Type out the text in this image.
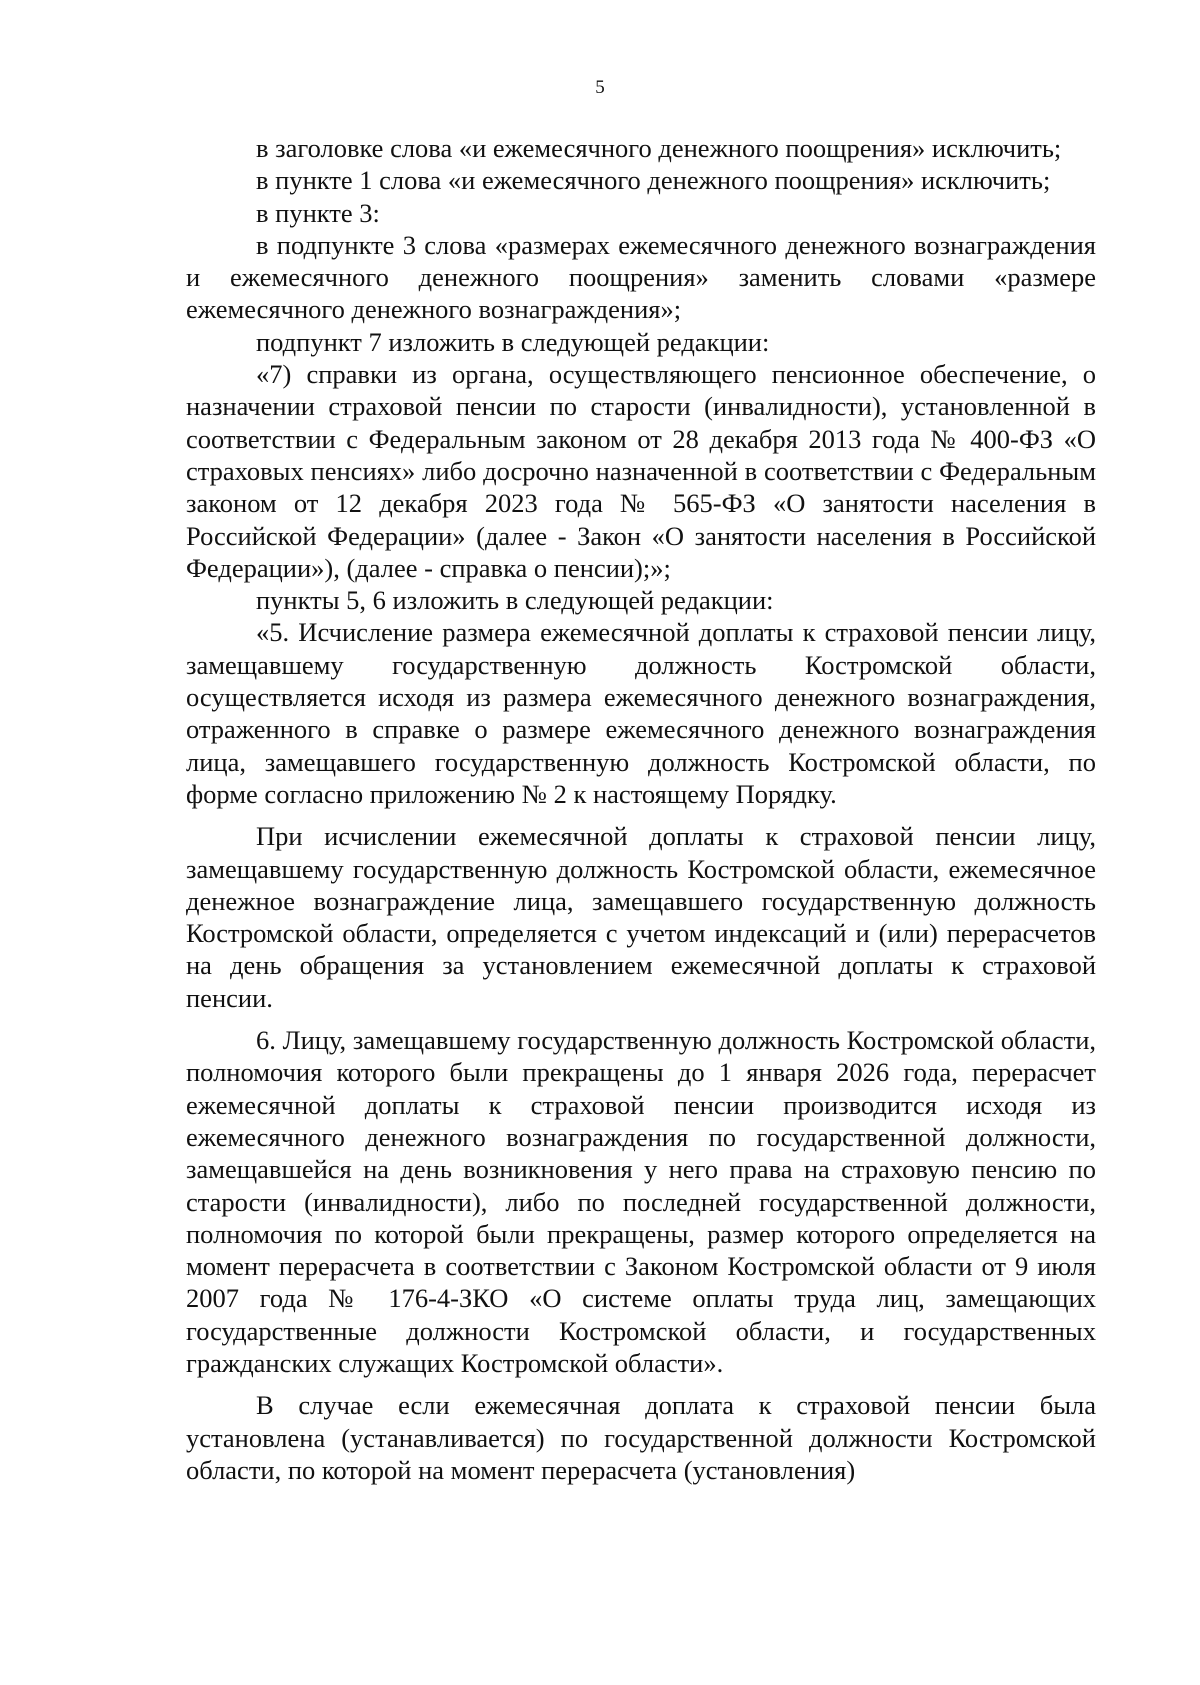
5

в заголовке слова «и ежемесячного денежного поощрения» исключить;

в пункте 1 слова «и ежемесячного денежного поощрения» исключить;

в пункте 3:

в подпункте 3 слова «размерах ежемесячного денежного вознаграждения и ежемесячного денежного поощрения» заменить словами «размере ежемесячного денежного вознаграждения»;

подпункт 7 изложить в следующей редакции:

«7) справки из органа, осуществляющего пенсионное обеспечение, о назначении страховой пенсии по старости (инвалидности), установленной в соответствии с Федеральным законом от 28 декабря 2013 года № 400-ФЗ «О страховых пенсиях» либо досрочно назначенной в соответствии с Федеральным законом от 12 декабря 2023 года № 565-ФЗ «О занятости населения в Российской Федерации» (далее - Закон «О занятости населения в Российской Федерации»), (далее - справка о пенсии);»;

пункты 5, 6 изложить в следующей редакции:

«5. Исчисление размера ежемесячной доплаты к страховой пенсии лицу, замещавшему государственную должность Костромской области, осуществляется исходя из размера ежемесячного денежного вознаграждения, отраженного в справке о размере ежемесячного денежного вознаграждения лица, замещавшего государственную должность Костромской области, по форме согласно приложению № 2 к настоящему Порядку.

При исчислении ежемесячной доплаты к страховой пенсии лицу, замещавшему государственную должность Костромской области, ежемесячное денежное вознаграждение лица, замещавшего государственную должность Костромской области, определяется с учетом индексаций и (или) перерасчетов на день обращения за установлением ежемесячной доплаты к страховой пенсии.

6. Лицу, замещавшему государственную должность Костромской области, полномочия которого были прекращены до 1 января 2026 года, перерасчет ежемесячной доплаты к страховой пенсии производится исходя из ежемесячного денежного вознаграждения по государственной должности, замещавшейся на день возникновения у него права на страховую пенсию по старости (инвалидности), либо по последней государственной должности, полномочия по которой были прекращены, размер которого определяется на момент перерасчета в соответствии с Законом Костромской области от 9 июля 2007 года № 176-4-ЗКО «О системе оплаты труда лиц, замещающих государственные должности Костромской области, и государственных гражданских служащих Костромской области».

В случае если ежемесячная доплата к страховой пенсии была установлена (устанавливается) по государственной должности Костромской области, по которой на момент перерасчета (установления)
